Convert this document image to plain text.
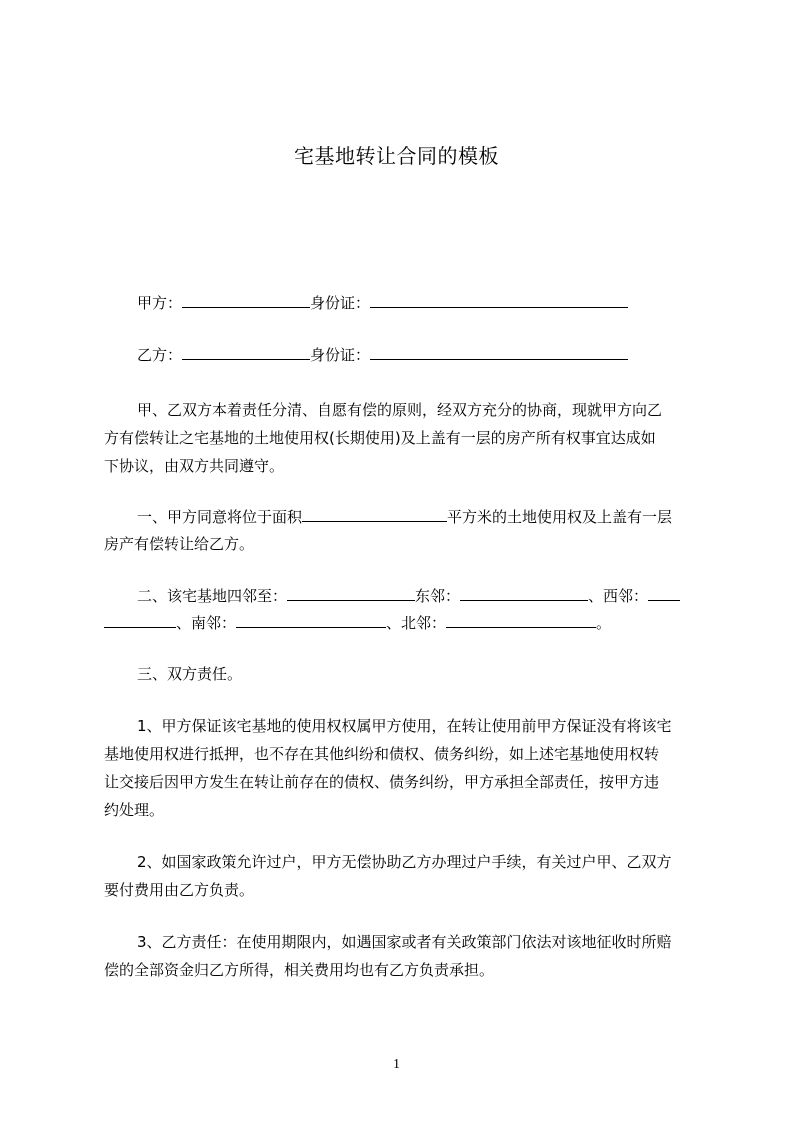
宅基地转让合同的模板
甲方：	身份证：
乙方：	身份证：
甲、乙双方本着责任分清、自愿有偿的原则，经双方充分的协商，现就甲方向乙
方有偿转让之宅基地的土地使用权(长期使用)及上盖有一层的房产所有权事宜达成如
下协议，由双方共同遵守。
一、甲方同意将位于面积	平方米的土地使用权及上盖有一层
房产有偿转让给乙方。
二、该宅基地四邻至：	东邻：	、西邻：
、南邻：	、北邻：	。
三、双方责任。
1、甲方保证该宅基地的使用权权属甲方使用，在转让使用前甲方保证没有将该宅
基地使用权进行抵押，也不存在其他纠纷和债权、债务纠纷，如上述宅基地使用权转
让交接后因甲方发生在转让前存在的债权、债务纠纷，甲方承担全部责任，按甲方违
约处理。
2、如国家政策允许过户，甲方无偿协助乙方办理过户手续，有关过户甲、乙双方
要付费用由乙方负责。
3、乙方责任：在使用期限内，如遇国家或者有关政策部门依法对该地征收时所赔
偿的全部资金归乙方所得，相关费用均也有乙方负责承担。
1
